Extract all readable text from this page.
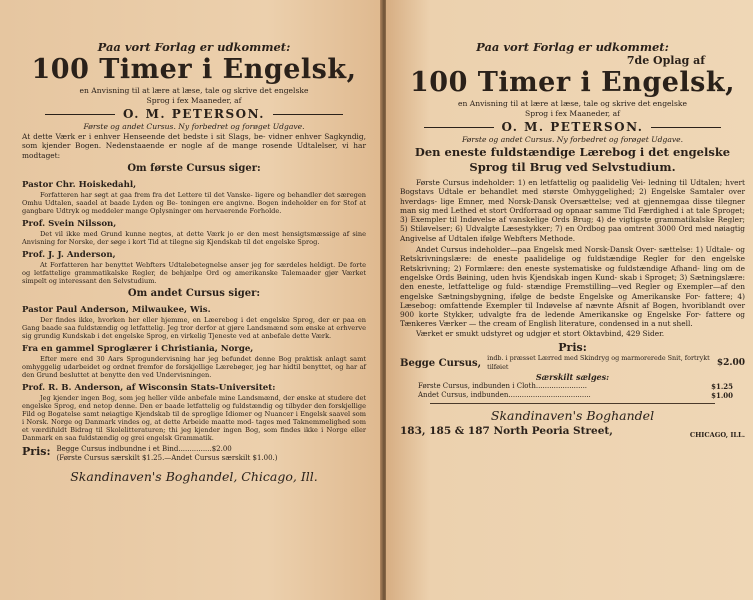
Paa vort Forlag er udkommet:
100 Timer i Engelsk,
en Anvisning til at lære at læse, tale og skrive det engelske
Sprog i fex Maaneder, af
O. M. PETERSON.
Første og andet Cursus. Ny forbedret og forøget Udgave.
At dette Værk er i enhver Henseende det bedste i sit Slags, be- vidner enhver Sagkyndig, som kjender Bogen. Nedenstaaende er nogle af de mange rosende Udtalelser, vi har modtaget:
Om første Cursus siger:
Pastor Chr. Hoiskedahl,
Forfatteren har søgt at gaa frem fra det Lettere til det Vanske- ligere og behandler det særegen Omhu Udtalen, saadel at baade Lyden og Be- toningen ere angivne. Bogen indeholder en for Stof at gangbare Udtryk og meddeler mange Oplysninger om hervaerende Forholde.
Prof. Svein Nilsson,
Det vil ikke med Grund kunne negtes, at dette Værk jo er den mest hensigtsmæssige af sine Anvisning for Norske, der søge i kort Tid at tilegne sig Kjendskab til det engelske Sprog.
Prof. J. J. Anderson,
At Forfatteren har benyttet Webfters Udtalebetegnelse anser jeg for særdeles heldigt. De forte og letfattelige grammatikalske Regler, de behjælpe Ord og amerikanske Talemaader gjør Værket simpelt og interessant den Selvstudium.
Om andet Cursus siger:
Pastor Paul Anderson, Milwaukee, Wis.
Der findes ikke, hvorken her eller hjemme, en Læerebog i det engelske Sprog, der er paa en Gang baade saa fuldstændig og letfattelig. Jeg tror derfor at gjøre Landsmænd som ønske at erhverve sig grundig Kundskab i det engelske Sprog, en virkelig Tjeneste ved at anbefale dette Værk.
Fra en gammel Sproglærer i Christiania, Norge,
Efter mere end 30 Aars Sprogundervisning har jeg befundet denne Bog praktisk anlagt samt omhyggelig udarbeidet og ordnet fremfor de forskjellige Lærebøger, jeg har hidtil benyttet, og har af den Grund besluttet at benytte den ved Undervisningen.
Prof. R. B. Anderson, af Wisconsin Stats-Universitet:
Jeg kjender ingen Bog, som jeg heller vilde anbefale mine Landsmænd, der ønske at studere det engelske Sprog, end netop denne. Den er baade letfattelig og fuldstændig og tilbyder den forskjellige Fild og Bogatelse samt nøiagtige Kjendskab til de sproglige Idiomer og Nuancer i Engelsk saavel som i Norsk. Norge og Danmark vindes og, at dette Arbeide maatte mod- tages med Taknemmelighed som et værdifuldt Bidrag til Skolelitteraturen; thi jeg kjender ingen Bog, som findes ikke i Norge eller Danmark en saa fuldstændig og grei engelsk Grammatik.
Pris: Begge Cursus indbundne i et Bind...............$2.00
(Første Cursus særskilt $1.25.—Andet Cursus særskilt $1.00.)
Skandinaven's Boghandel, Chicago, Ill.
Paa vort Forlag er udkommet:
7de Oplag af
100 Timer i Engelsk,
en Anvisning til at lære at læse, tale og skrive det engelske
Sprog i fex Maaneder, af
O. M. PETERSON.
Første og andet Cursus. Ny forbedret og forøget Udgave.
Den eneste fuldstændige Lærebog i det engelske
Sprog til Brug ved Selvstudium.
Første Cursus indeholder: 1) en letfattelig og paalidelig Vei- ledning til Udtalen; hvert Bogstavs Udtale er behandlet med største Omhyggelighed; 2) Engelske Samtaler over hverdags- lige Emner, med Norsk-Dansk Oversættelse; ved at gjennemgaa disse tilegner man sig med Lethed et stort Ordforraad og opnaar samme Tid Færdighed i at tale Sproget; 3) Exempler til Indøvelse af vanskelige Ords Brug; 4) de vigtigste grammatikalske Regler; 5) Stiløvelser; 6) Udvalgte Læsestykker; 7) en Ordbog paa omtrent 3000 Ord med nøiagtig Angivelse af Udtalen ifølge Webfters Methode.
Andet Cursus indeholder—paa Engelsk med Norsk-Dansk Over- sættelse: 1) Udtale- og Retskrivningslære: de eneste paalidelige og fuldstændige Regler for den engelske Retskrivning; 2) Formlære: den eneste systematiske og fuldstændige Afhand- ling om de engelske Ords Bøining, uden hvis Kjendskab ingen Kund- skab i Sproget; 3) Sætningslære: den eneste, letfattelige og fuld- stændige Fremstilling—ved Regler og Exempler—af den engelske Sætningsbygning, ifølge de bedste Engelske og Amerikanske For- fattere; 4) Læsebog: omfattende Exempler til Indøvelse af nævnte Afsnit af Bogen, hvoriblandt over 900 korte Stykker, udvalgte fra de ledende Amerikanske og Engelske For- fattere og Tænkeres Værker — the cream of English literature, condensed in a nut shell.
Værket er smukt udstyret og udgjør et stort Oktavbind, 429 Sider.
Pris:
Begge Cursus, indb. i præsset Lærred med Skindryg og marmorerede Snit, fortrykt tilføiet	$2.00
Særskilt sælges:
Første Cursus, indbunden i Cloth.......................	$1.25
Andet Cursus, indbunden.....................................	$1.00
Skandinaven's Boghandel
183, 185 & 187 North Peoria Street,	CHICAGO, ILL.
